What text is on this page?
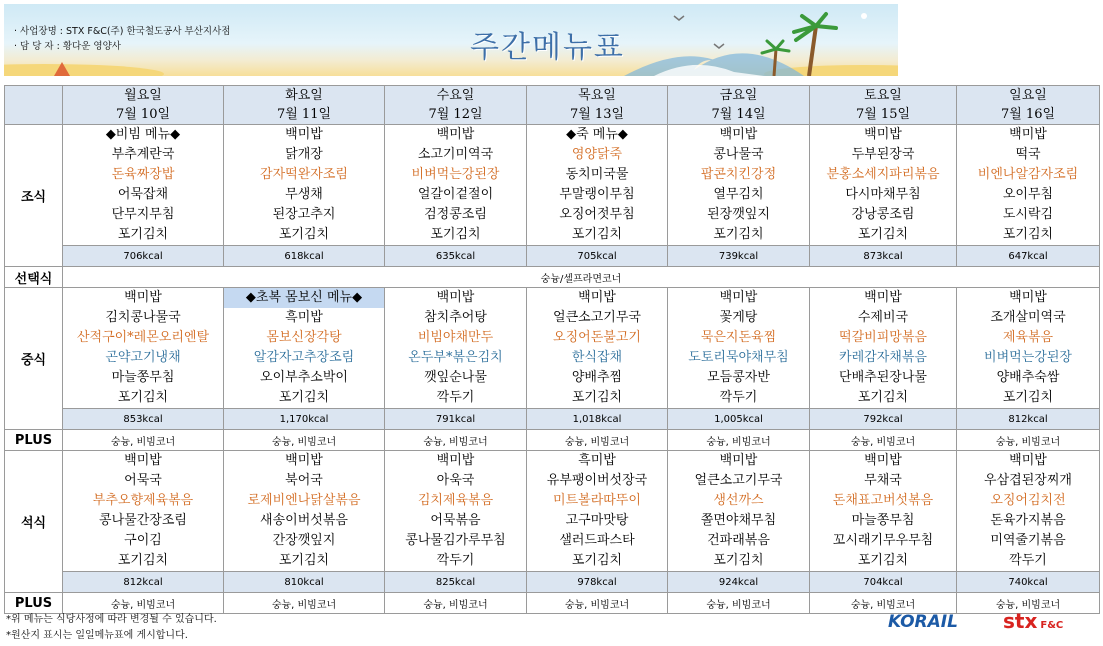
· 사업장명 : STX F&C(주) 한국철도공사 부산지사점
· 담 당 자 : 황다운 영양사	주간메뉴표
	월요일	화요일	수요일	목요일	금요일	토요일	일요일
	7월 10일	7월 11일	7월 12일	7월 13일	7월 14일	7월 15일	7월 16일
조식	◆비빔 메뉴◆	백미밥	백미밥	◆죽 메뉴◆	백미밥	백미밥	백미밥
	부추계란국	닭개장	소고기미역국	영양닭죽	콩나물국	두부된장국	떡국
	돈육짜장밥	감자떡완자조림	비벼먹는강된장	동치미국물	팝콘치킨강정	분홍소세지파리볶음	비엔나알감자조림
	어묵잡채	무생채	얼갈이겉절이	무말랭이무침	열무김치	다시마채무침	오이무침
	단무지무침	된장고추지	검정콩조림	오징어젓무침	된장깻잎지	강낭콩조림	도시락김
	포기김치	포기김치	포기김치	포기김치	포기김치	포기김치	포기김치
	706kcal	618kcal	635kcal	705kcal	739kcal	873kcal	647kcal
선택식	숭늉/셀프라면코너						
중식	백미밥	◆초복 몸보신 메뉴◆	백미밥	백미밥	백미밥	백미밥	백미밥
	김치콩나물국	흑미밥	참치추어탕	얼큰소고기무국	꽃게탕	수제비국	조개살미역국
	산적구이*레몬오리엔탈	몸보신장각탕	비빔야채만두	오징어돈불고기	묵은지돈육찜	떡갈비피망볶음	제육볶음
	곤약고기냉채	알감자고추장조림	온두부*볶은김치	한식잡채	도토리묵야채무침	카레감자채볶음	비벼먹는강된장
	마늘쫑무침	오이부추소박이	깻잎순나물	양배추찜	모듬콩자반	단배추된장나물	양배추숙쌈
	포기김치	포기김치	깍두기	포기김치	깍두기	포기김치	포기김치
	853kcal	1,170kcal	791kcal	1,018kcal	1,005kcal	792kcal	812kcal
PLUS	숭늉, 비빔코너	숭늉, 비빔코너	숭늉, 비빔코너	숭늉, 비빔코너	숭늉, 비빔코너	숭늉, 비빔코너	숭늉, 비빔코너
석식	백미밥	백미밥	백미밥	흑미밥	백미밥	백미밥	백미밥
	어묵국	북어국	아욱국	유부팽이버섯장국	얼큰소고기무국	무채국	우삼겹된장찌개
	부추오향제육볶음	로제비엔나닭살볶음	김치제육볶음	미트볼라따뚜이	생선까스	돈채표고버섯볶음	오징어김치전
	콩나물간장조림	새송이버섯볶음	어묵볶음	고구마맛탕	쫄면야채무침	마늘쫑무침	돈육가지볶음
	구이김	간장깻잎지	콩나물김가루무침	샐러드파스타	건파래볶음	꼬시래기무우무침	미역줄기볶음
	포기김치	포기김치	깍두기	포기김치	포기김치	포기김치	깍두기
	812kcal	810kcal	825kcal	978kcal	924kcal	704kcal	740kcal
PLUS	숭늉, 비빔코너	숭늉, 비빔코너	숭늉, 비빔코너	숭늉, 비빔코너	숭늉, 비빔코너	숭늉, 비빔코너	숭늉, 비빔코너
*위 메뉴는 식당사정에 따라 변경될 수 있습니다.
*원산지 표시는 일일메뉴표에 게시합니다.
KORAIL stx F&C
